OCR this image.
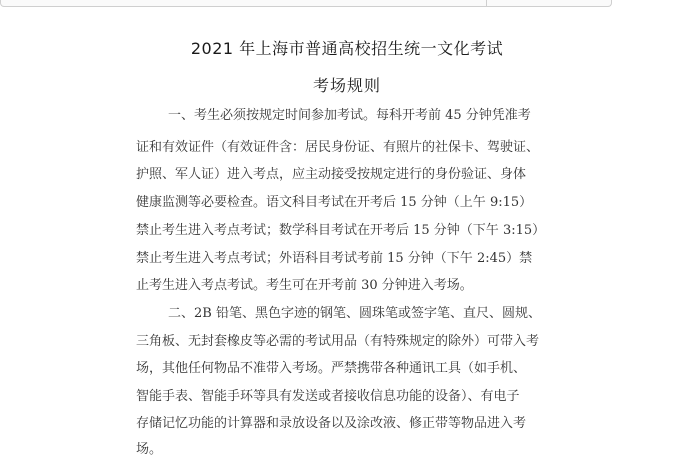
2021 年上海市普通高校招生统一文化考试
考场规则
一、考生必须按规定时间参加考试。每科开考前 45 分钟凭准考
证和有效证件（有效证件含：居民身份证、有照片的社保卡、驾驶证、
护照、军人证）进入考点，应主动接受按规定进行的身份验证、身体
健康监测等必要检查。语文科目考试在开考后 15 分钟（上午 9:15）
禁止考生进入考点考试；数学科目考试在开考后 15 分钟（下午 3:15）
禁止考生进入考点考试；外语科目考试考前 15 分钟（下午 2:45）禁
止考生进入考点考试。考生可在开考前 30 分钟进入考场。
二、2B 铅笔、黑色字迹的钢笔、圆珠笔或签字笔、直尺、圆规、
三角板、无封套橡皮等必需的考试用品（有特殊规定的除外）可带入考
场，其他任何物品不准带入考场。严禁携带各种通讯工具（如手机、
智能手表、智能手环等具有发送或者接收信息功能的设备）、有电子
存储记忆功能的计算器和录放设备以及涂改液、修正带等物品进入考
场。
